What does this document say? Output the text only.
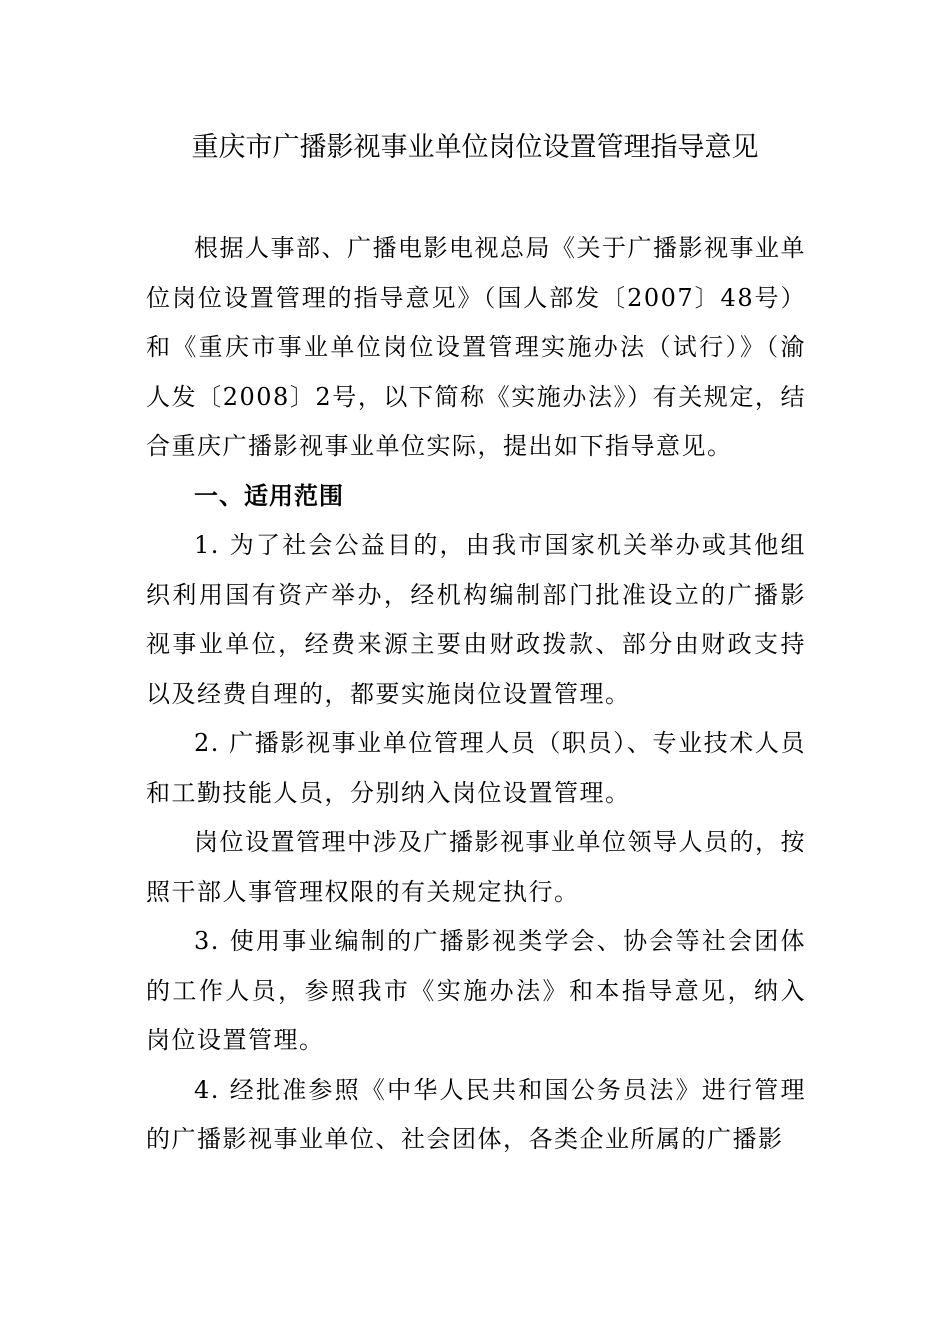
重庆市广播影视事业单位岗位设置管理指导意见

根据人事部、广播电影电视总局《关于广播影视事业单位岗位设置管理的指导意见》（国人部发〔2007〕48号）和《重庆市事业单位岗位设置管理实施办法（试行）》（渝人发〔2008〕2号，以下简称《实施办法》）有关规定，结合重庆广播影视事业单位实际，提出如下指导意见。

一、适用范围

1. 为了社会公益目的，由我市国家机关举办或其他组织利用国有资产举办，经机构编制部门批准设立的广播影视事业单位，经费来源主要由财政拨款、部分由财政支持以及经费自理的，都要实施岗位设置管理。

2. 广播影视事业单位管理人员（职员）、专业技术人员和工勤技能人员，分别纳入岗位设置管理。

岗位设置管理中涉及广播影视事业单位领导人员的，按照干部人事管理权限的有关规定执行。

3. 使用事业编制的广播影视类学会、协会等社会团体的工作人员，参照我市《实施办法》和本指导意见，纳入岗位设置管理。

4. 经批准参照《中华人民共和国公务员法》进行管理的广播影视事业单位、社会团体，各类企业所属的广播影
